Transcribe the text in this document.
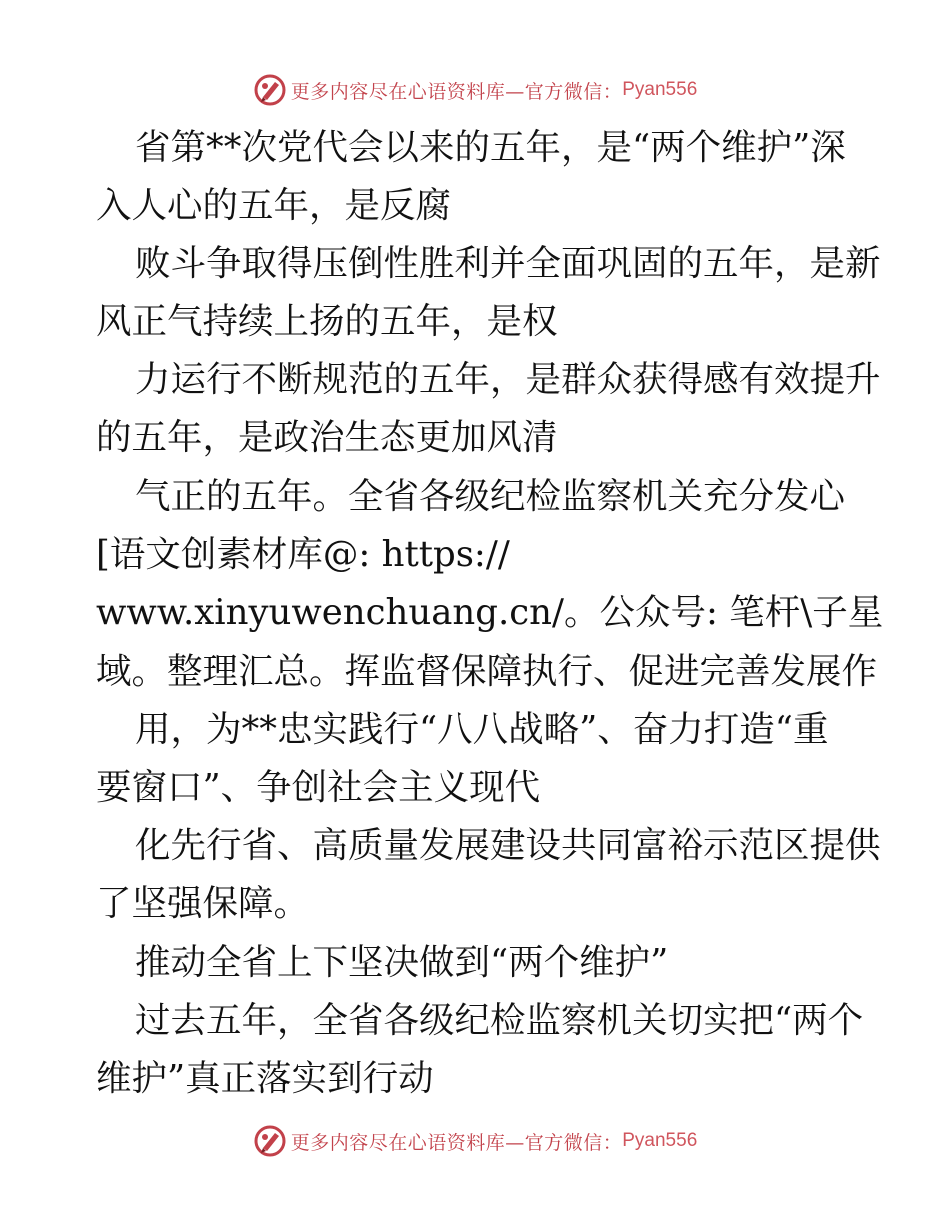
更多内容尽在心语资料库—官方微信： Pyan556
省第**次党代会以来的五年，是“两个维护”深
入人心的五年，是反腐
败斗争取得压倒性胜利并全面巩固的五年，是新
风正气持续上扬的五年，是权
力运行不断规范的五年，是群众获得感有效提升
的五年，是政治生态更加风清
气正的五年。全省各级纪检监察机关充分发心
[语文创素材库@: https://
www.xinyuwenchuang.cn/。公众号: 笔杆\子星
域。整理汇总。挥监督保障执行、促进完善发展作
用，为**忠实践行“八八战略”、奋力打造“重
要窗口”、争创社会主义现代
化先行省、高质量发展建设共同富裕示范区提供
了坚强保障。
推动全省上下坚决做到“两个维护”
过去五年，全省各级纪检监察机关切实把“两个
维护”真正落实到行动
更多内容尽在心语资料库—官方微信： Pyan556
